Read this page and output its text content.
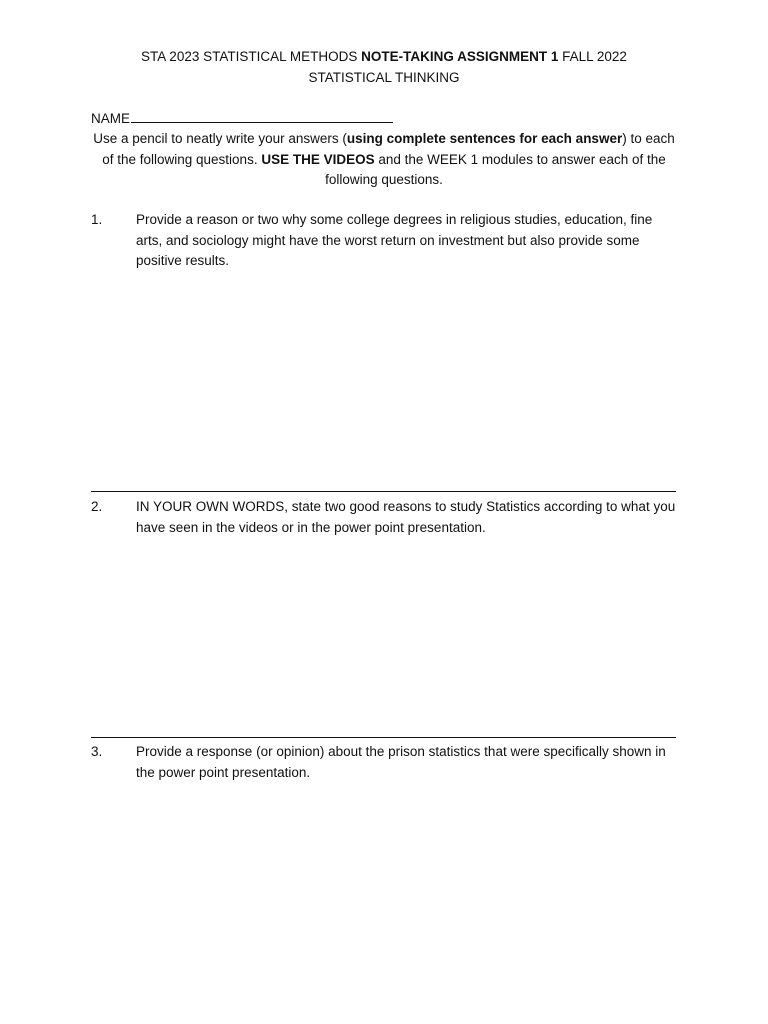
STA 2023 STATISTICAL METHODS NOTE-TAKING ASSIGNMENT 1 FALL 2022
STATISTICAL THINKING
NAME
Use a pencil to neatly write your answers (using complete sentences for each answer) to each of the following questions. USE THE VIDEOS and the WEEK 1 modules to answer each of the following questions.
1. Provide a reason or two why some college degrees in religious studies, education, fine arts, and sociology might have the worst return on investment but also provide some positive results.
2. IN YOUR OWN WORDS, state two good reasons to study Statistics according to what you have seen in the videos or in the power point presentation.
3. Provide a response (or opinion) about the prison statistics that were specifically shown in the power point presentation.
